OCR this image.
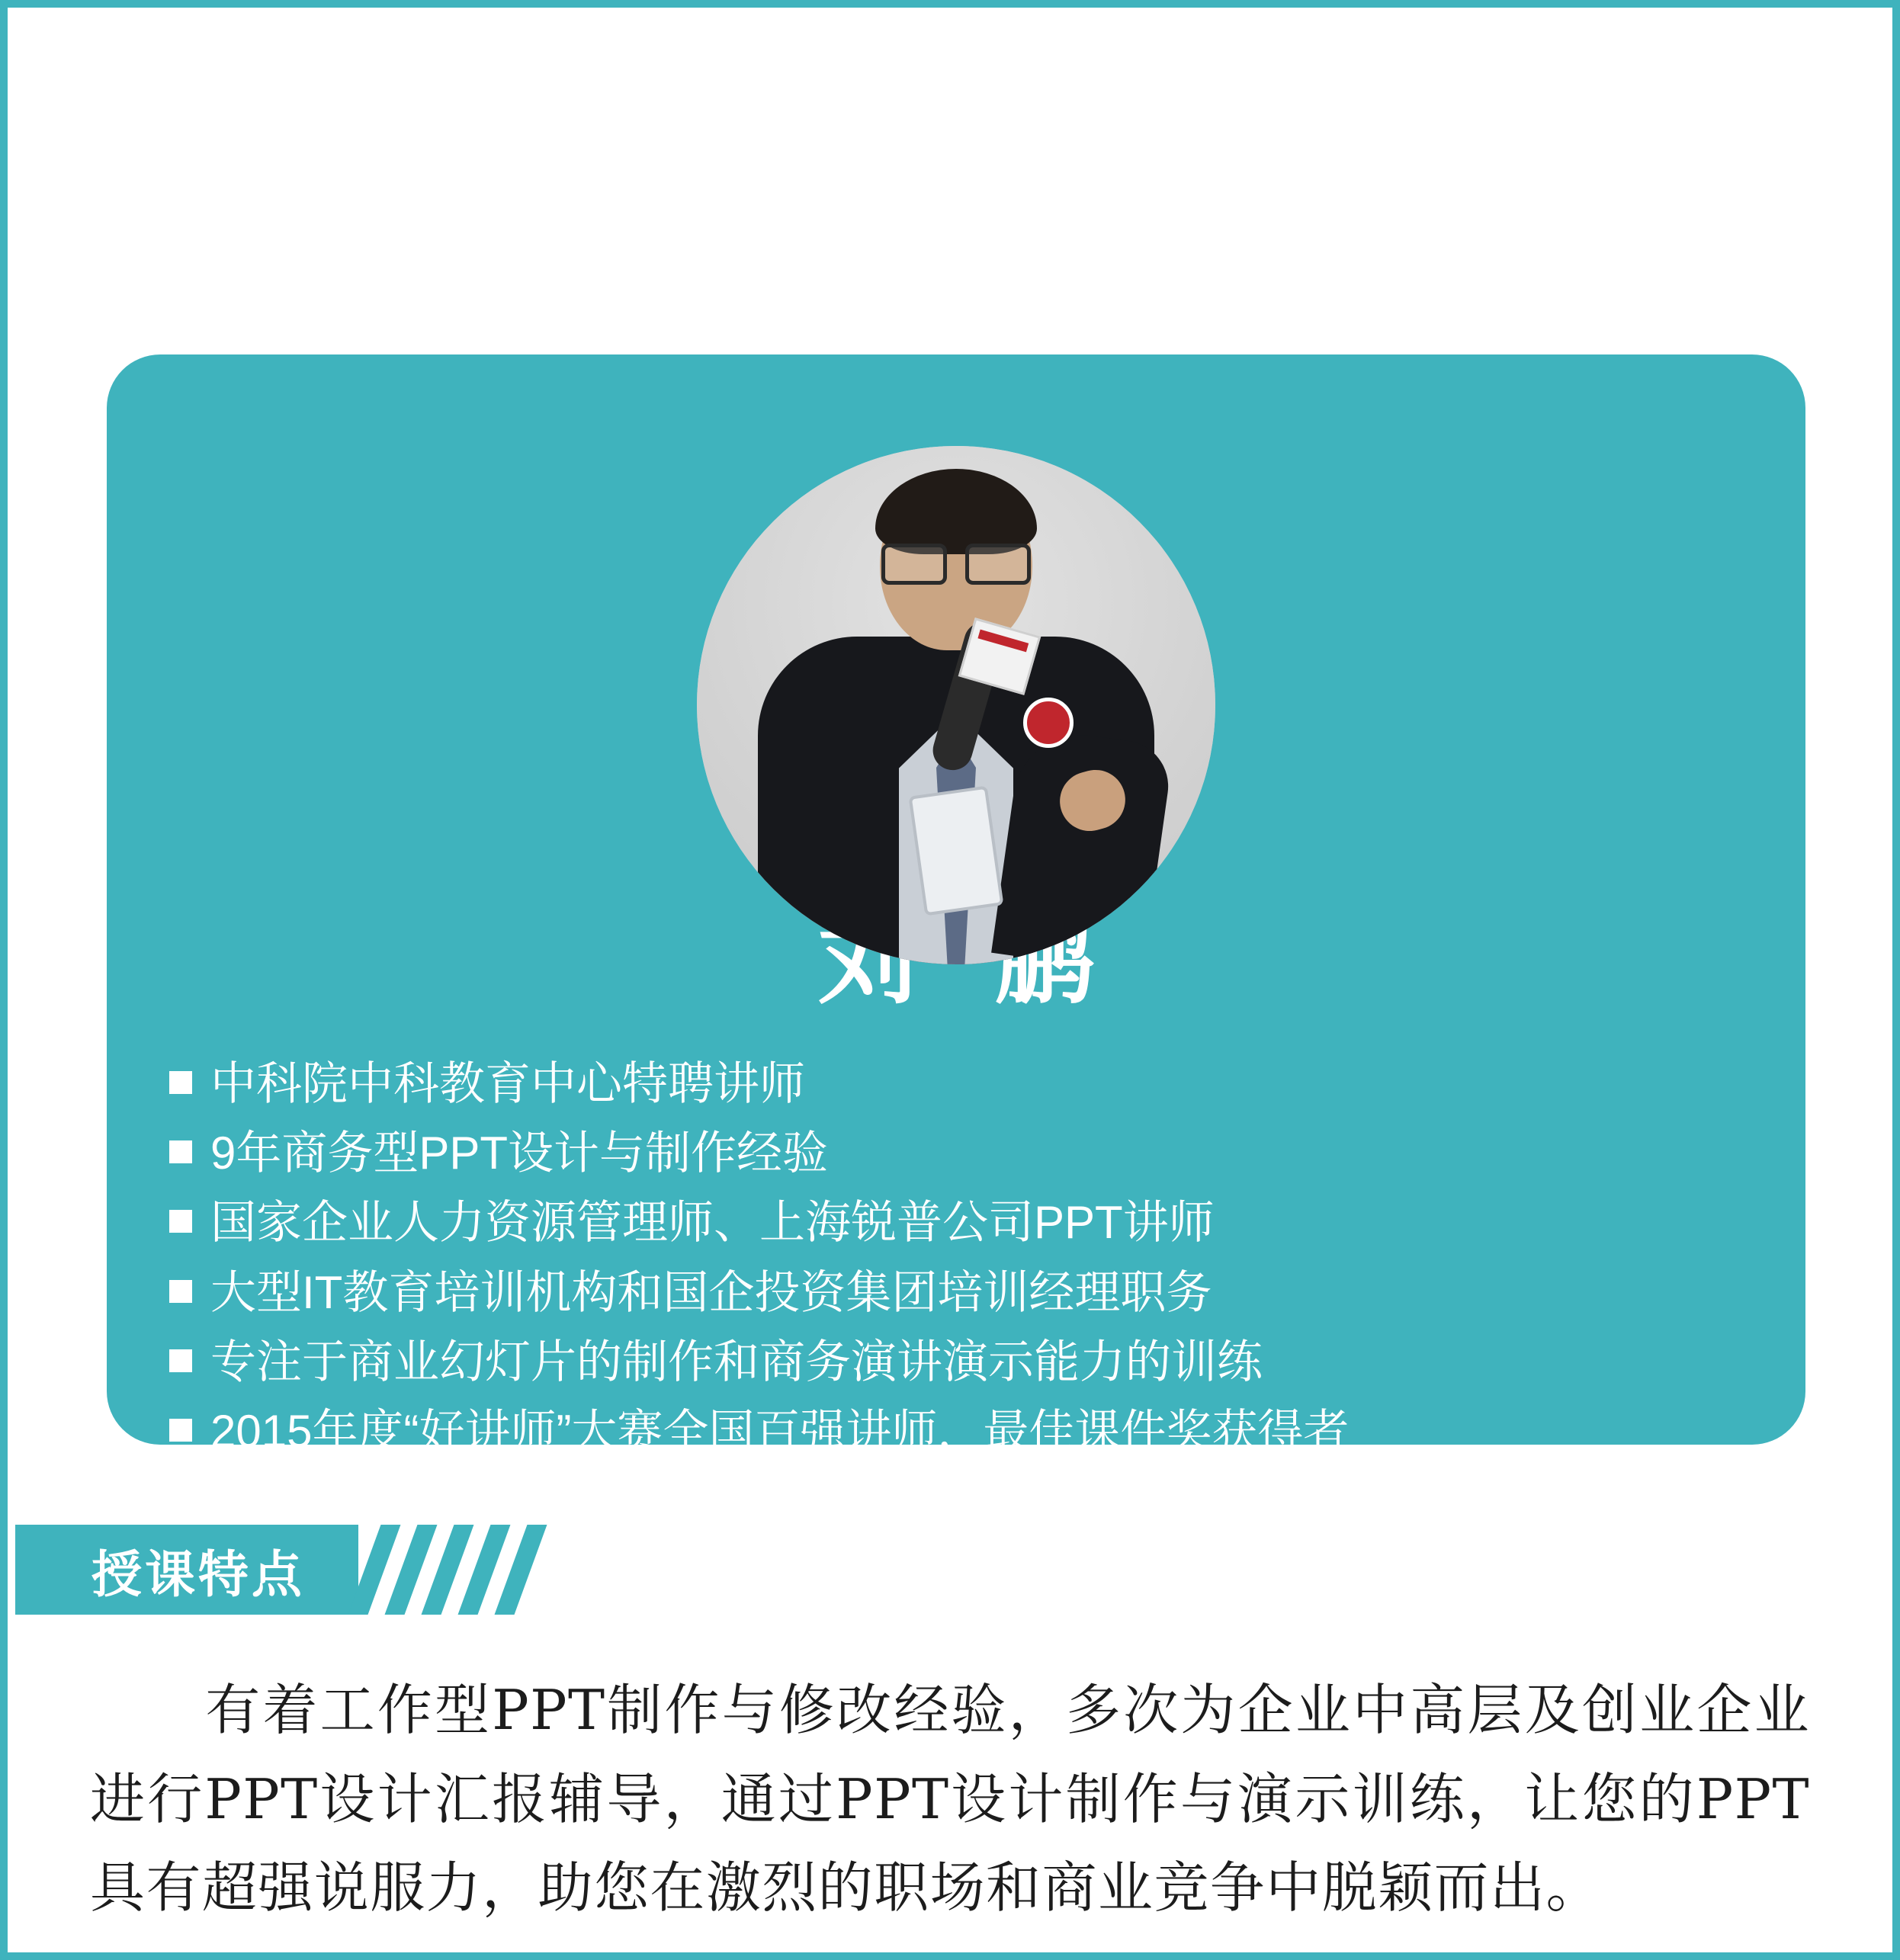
中科院中科教育中心特聘讲师
9年商务型PPT设计与制作经验
国家企业人力资源管理师、上海锐普公司PPT讲师
大型IT教育培训机构和国企投资集团培训经理职务
专注于商业幻灯片的制作和商务演讲演示能力的训练
2015年度“好讲师”大赛全国百强讲师，最佳课件奖获得者
授课特点
有着工作型PPT制作与修改经验，多次为企业中高层及创业企业进行PPT设计汇报辅导，通过PPT设计制作与演示训练，让您的PPT具有超强说服力，助您在激烈的职场和商业竞争中脱颖而出。
